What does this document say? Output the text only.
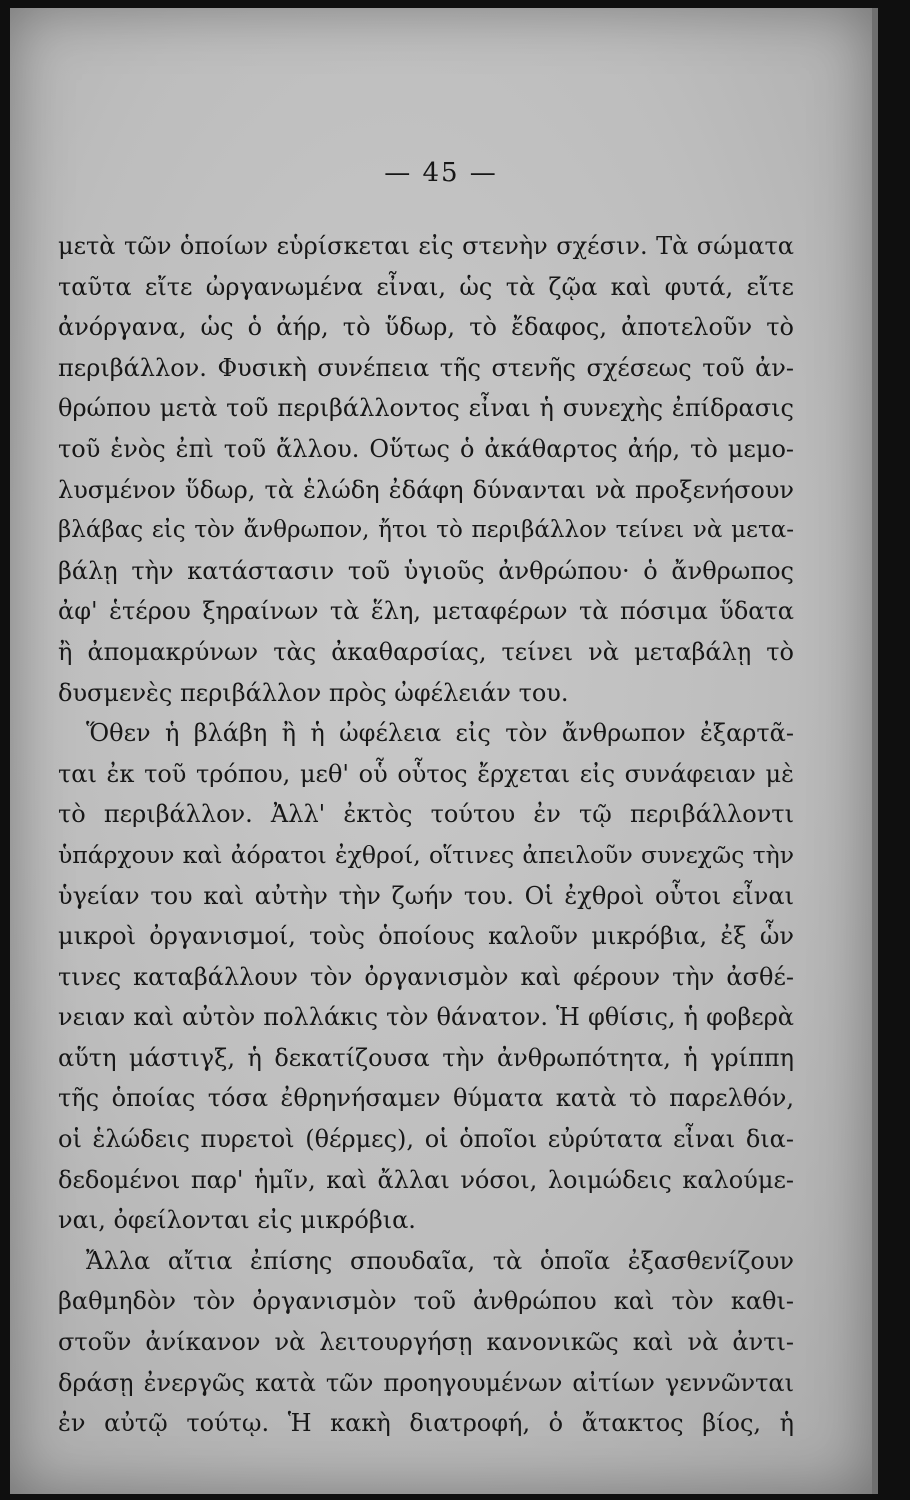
— 45 —
μετὰ τῶν ὁποίων εὑρίσκεται εἰς στενὴν σχέσιν. Τὰ σώματα
ταῦτα εἴτε ὠργανωμένα εἶναι, ὡς τὰ ζῷα καὶ φυτά, εἴτε
ἀνόργανα, ὡς ὁ ἀήρ, τὸ ὕδωρ, τὸ ἔδαφος, ἀποτελοῦν τὸ
περιβάλλον. Φυσικὴ συνέπεια τῆς στενῆς σχέσεως τοῦ ἀν-
θρώπου μετὰ τοῦ περιβάλλοντος εἶναι ἡ συνεχὴς ἐπίδρασις
τοῦ ἑνὸς ἐπὶ τοῦ ἄλλου. Οὕτως ὁ ἀκάθαρτος ἀήρ, τὸ μεμο-
λυσμένον ὕδωρ, τὰ ἑλώδη ἐδάφη δύνανται νὰ προξενήσουν
βλάβας εἰς τὸν ἄνθρωπον, ἤτοι τὸ περιβάλλον τείνει νὰ μετα-
βάλῃ τὴν κατάστασιν τοῦ ὑγιοῦς ἀνθρώπου· ὁ ἄνθρωπος
ἀφ' ἑτέρου ξηραίνων τὰ ἕλη, μεταφέρων τὰ πόσιμα ὕδατα
ἢ ἀπομακρύνων τὰς ἀκαθαρσίας, τείνει νὰ μεταβάλῃ τὸ
δυσμενὲς περιβάλλον πρὸς ὠφέλειάν του.
Ὅθεν ἡ βλάβη ἢ ἡ ὠφέλεια εἰς τὸν ἄνθρωπον ἐξαρτᾶ-
ται ἐκ τοῦ τρόπου, μεθ' οὗ οὗτος ἔρχεται εἰς συνάφειαν μὲ
τὸ περιβάλλον. Ἀλλ' ἐκτὸς τούτου ἐν τῷ περιβάλλοντι
ὑπάρχουν καὶ ἀόρατοι ἐχθροί, οἵτινες ἀπειλοῦν συνεχῶς τὴν
ὑγείαν του καὶ αὐτὴν τὴν ζωήν του. Οἱ ἐχθροὶ οὗτοι εἶναι
μικροὶ ὀργανισμοί, τοὺς ὁποίους καλοῦν μικρόβια, ἐξ ὧν
τινες καταβάλλουν τὸν ὀργανισμὸν καὶ φέρουν τὴν ἀσθέ-
νειαν καὶ αὐτὸν πολλάκις τὸν θάνατον. Ἡ φθίσις, ἡ φοβερὰ
αὕτη μάστιγξ, ἡ δεκατίζουσα τὴν ἀνθρωπότητα, ἡ γρίππη
τῆς ὁποίας τόσα ἐθρηνήσαμεν θύματα κατὰ τὸ παρελθόν,
οἱ ἑλώδεις πυρετοὶ (θέρμες), οἱ ὁποῖοι εὐρύτατα εἶναι δια-
δεδομένοι παρ' ἡμῖν, καὶ ἄλλαι νόσοι, λοιμώδεις καλούμε-
ναι, ὀφείλονται εἰς μικρόβια.
Ἄλλα αἴτια ἐπίσης σπουδαῖα, τὰ ὁποῖα ἐξασθενίζουν
βαθμηδὸν τὸν ὀργανισμὸν τοῦ ἀνθρώπου καὶ τὸν καθι-
στοῦν ἀνίκανον νὰ λειτουργήσῃ κανονικῶς καὶ νὰ ἀντι-
δράσῃ ἐνεργῶς κατὰ τῶν προηγουμένων αἰτίων γεννῶνται
ἐν αὐτῷ τούτῳ. Ἡ κακὴ διατροφή, ὁ ἄτακτος βίος, ἡ
